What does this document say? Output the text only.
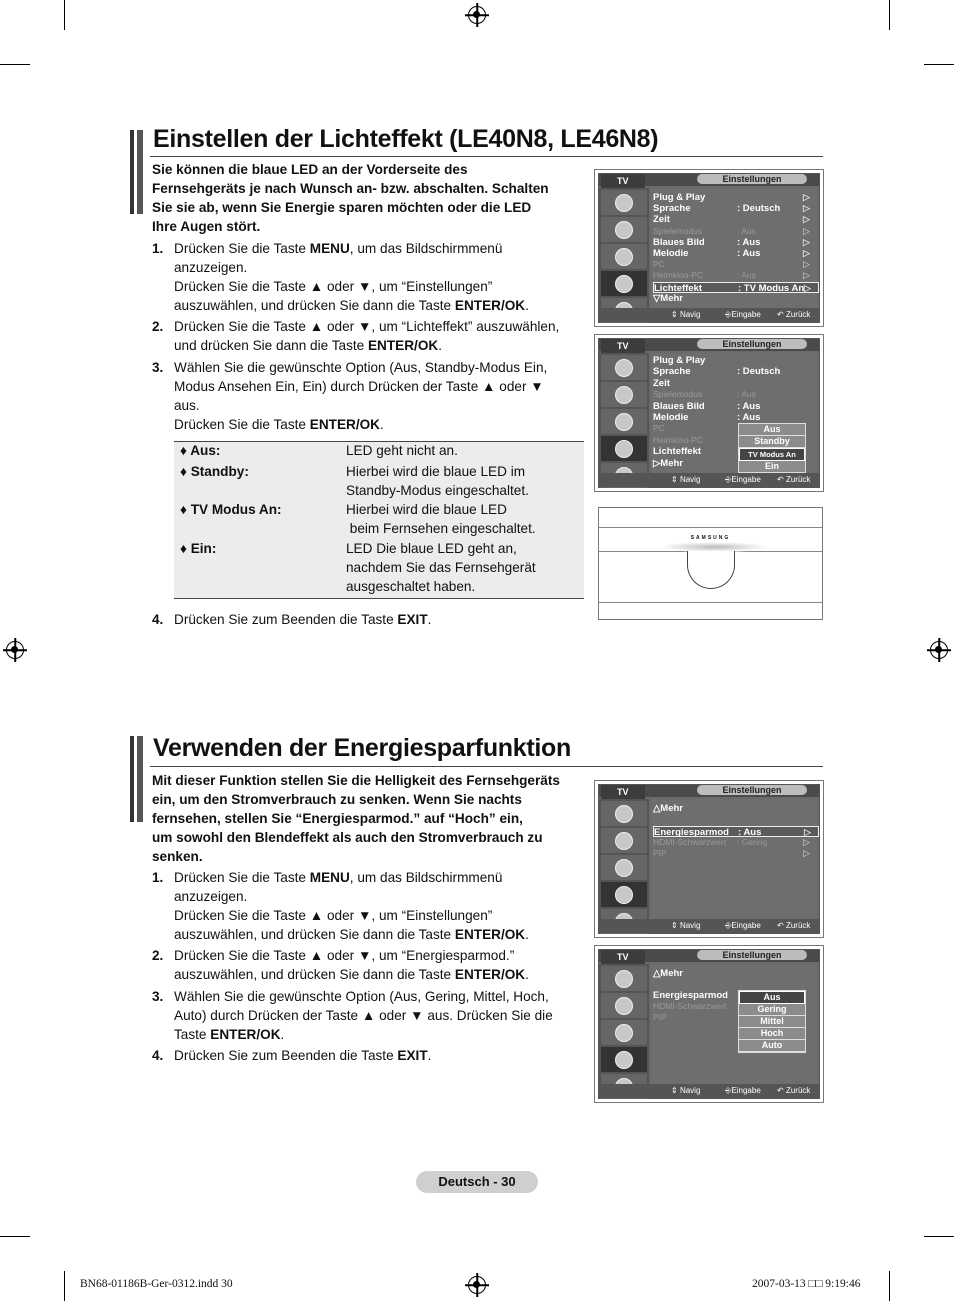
Einstellen der Lichteffekt (LE40N8, LE46N8)
Sie können die blaue LED an der Vorderseite des
Fernsehgeräts je nach Wunsch an- bzw. abschalten. Schalten
Sie sie ab, wenn Sie Energie sparen möchten oder die LED
Ihre Augen stört.
1. Drücken Sie die Taste MENU, um das Bildschirmmenü
anzuzeigen.
Drücken Sie die Taste ▲ oder ▼, um “Einstellungen”
auszuwählen, und drücken Sie dann die Taste ENTER/OK.
2. Drücken Sie die Taste ▲ oder ▼, um “Lichteffekt” auszuwählen,
und drücken Sie dann die Taste ENTER/OK.
3. Wählen Sie die gewünschte Option (Aus, Standby-Modus Ein,
Modus Ansehen Ein, Ein) durch Drücken der Taste ▲ oder ▼
aus.
Drücken Sie die Taste ENTER/OK.
4. Drücken Sie zum Beenden die Taste EXIT.
♦ Aus:	LED geht nicht an.
♦ Standby:	Hierbei wird die blaue LED im
Standby-Modus eingeschaltet.
♦ TV Modus An:	Hierbei wird die blaue LED
beim Fernsehen eingeschaltet.
♦ Ein:	LED Die blaue LED geht an,
nachdem Sie das Fernsehgerät
ausgeschaltet haben.
TV	Einstellungen
Plug & Play	▷
Sprache	: Deutsch	▷
Zeit	▷
Spielemodus	: Aus	▷
Blaues Bild	: Aus	▷
Melodie	: Aus	▷
PC	▷
Heimkino-PC	: Aus	▷
Lichteffekt	: TV Modus An ▷
▽Mehr
⇕ Navig	⎆Eingabe ↶ Zurück
TV	Einstellungen
Plug & Play
Sprache	: Deutsch
Zeit
Spielemodus	: Aus
Blaues Bild	: Aus
Melodie	: Aus
PC
Heimkino-PC
Lichteffekt
▷Mehr
Aus
Standby
TV Modus An
Ein
⇕ Navig	⎆Eingabe ↶ Zurück
SAMSUNG
Verwenden der Energiesparfunktion
Mit dieser Funktion stellen Sie die Helligkeit des Fernsehgeräts
ein, um den Stromverbrauch zu senken. Wenn Sie nachts
fernsehen, stellen Sie “Energiesparmod.” auf “Hoch” ein,
um sowohl den Blendeffekt als auch den Stromverbrauch zu
senken.
1. Drücken Sie die Taste MENU, um das Bildschirmmenü
anzuzeigen.
Drücken Sie die Taste ▲ oder ▼, um “Einstellungen”
auszuwählen, und drücken Sie dann die Taste ENTER/OK.
2. Drücken Sie die Taste ▲ oder ▼, um “Energiesparmod.”
auszuwählen, und drücken Sie dann die Taste ENTER/OK.
3. Wählen Sie die gewünschte Option (Aus, Gering, Mittel, Hoch,
Auto) durch Drücken der Taste ▲ oder ▼ aus. Drücken Sie die
Taste ENTER/OK.
4. Drücken Sie zum Beenden die Taste EXIT.
TV	Einstellungen
△Mehr
Energiesparmod : Aus	▷
HDMI-Schwarzwert : Gering	▷
PIP	▷
⇕ Navig	⎆Eingabe ↶ Zurück
TV	Einstellungen
△Mehr
Energiesparmod
HDMI-Schwarzwert
PIP
Aus
Gering
Mittel
Hoch
Auto
⇕ Navig	⎆Eingabe ↶ Zurück
Deutsch - 30
BN68-01186B-Ger-0312.indd 30	2007-03-13 □□ 9:19:46
